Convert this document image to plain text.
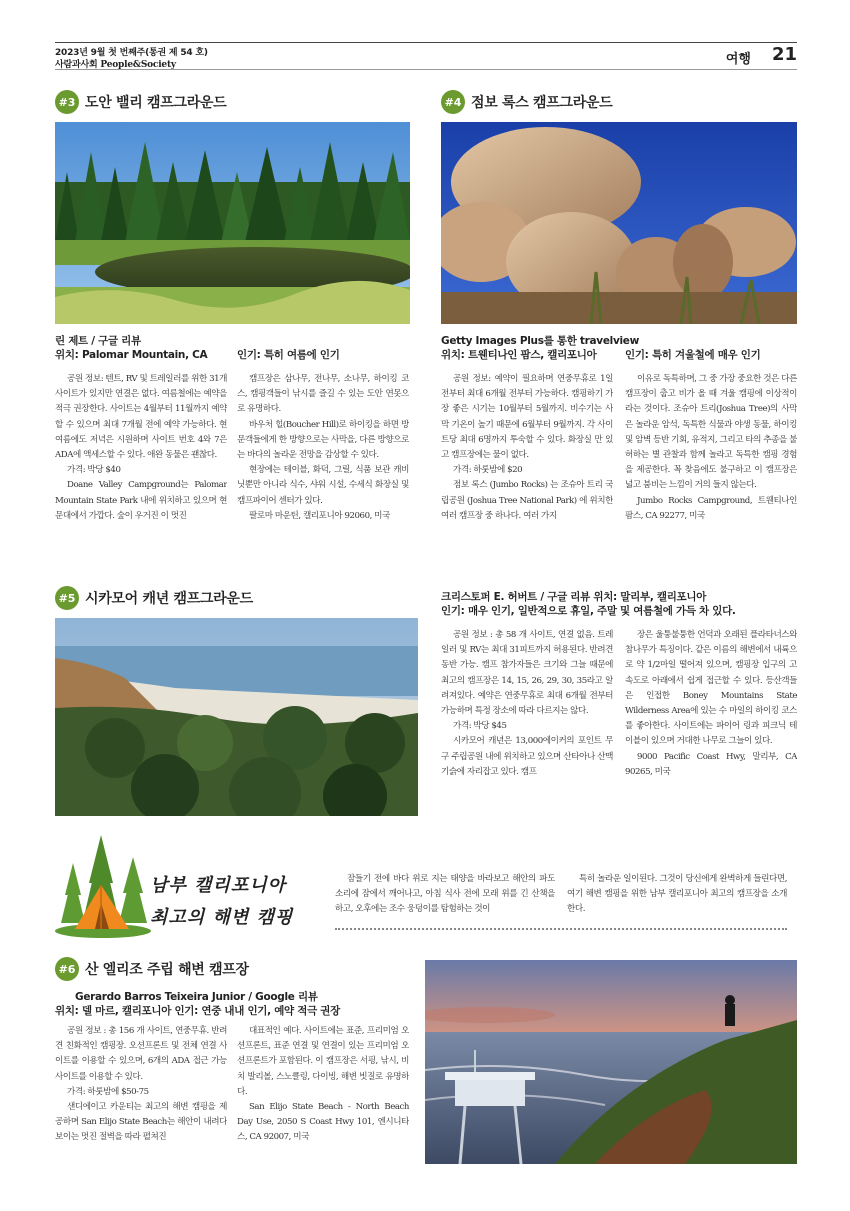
2023년 9월 첫 번째주(통권 제 54 호)
사람과사회 People&Society	여행 21
#3 도안 밸리 캠프그라운드
린 제트 / 구글 리뷰
위치: Palomar Mountain, CA	인기: 특히 여름에 인기

공원 정보: 텐트, RV 및 트레일러를 위한 31개 사이트가 있지만 연결은 없다. 여름철에는 예약을 적극 권장한다. 사이트는 4월부터 11월까지 예약할 수 있으며 최대 7개월 전에 예약 가능하다. 현여름에도 저녁은 시원하며 사이트 번호 4와 7은 ADA에 액세스할 수 있다. 애완 동물은 괜찮다.

가격: 박당 $40

Doane Valley Campground는 Palomar Mountain State Park 내에 위치하고 있으며 현문대에서 가깝다. 숲이 우거진 이 멋진

캠프장은 삼나무, 전나무, 소나무, 하이킹 코스, 캠핑객들이 낚시를 즐길 수 있는 도안 연못으로 유명하다.

바우처 힐(Boucher Hill)로 하이킹을 하면 방문객들에게 한 방향으로는 사막을, 다른 방향으로는 바다의 놀라운 전망을 감상할 수 있다.

현장에는 테이블, 화덕, 그릴, 식품 보관 캐비닛뿐만 아니라 식수, 샤워 시설, 수세식 화장실 및 캠프파이어 센터가 있다.

팔로마 마운틴, 캘리포니아 92060, 미국

#4 점보 록스 캠프그라운드
Getty Images Plus를 통한 travelview
위치: 트웬티나인 팜스, 캘리포니아	인기: 특히 겨울철에 매우 인기

공원 정보: 예약이 필요하며 연중무휴로 1일 전부터 최대 6개월 전부터 가능하다. 캠핑하기 가장 좋은 시기는 10월부터 5월까지. 비수기는 사막 기온이 높기 때문에 6월부터 9월까지. 각 사이트당 최대 6명까지 투숙할 수 있다. 화장실 만 있고 캠프장에는 물이 없다.

가격: 하룻밤에 $20

점보 록스 (Jumbo Rocks) 는 조슈아 트리 국립공원 (Joshua Tree National Park) 에 위치한 여러 캠프장 중 하나다. 여러 가지

이유로 독특하며, 그 중 가장 중요한 것은 다른 캠프장이 춥고 비가 올 때 겨울 캠핑에 이상적이라는 것이다. 조슈아 트리(Joshua Tree)의 사막은 놀라운 암석, 독특한 식물과 야생 동물, 하이킹 및 암벽 등반 기회, 유적지, 그리고 타의 추종을 불허하는 별 관찰과 함께 놀라고 독특한 캠핑 경험을 제공한다. 꼭 찾음에도 불구하고 이 캠프장은 넓고 붐비는 느낌이 거의 들지 않는다.

Jumbo Rocks Campground, 트웬티나인 팜스, CA 92277, 미국

#5 시카모어 캐년 캠프그라운드	크리스토퍼 E. 허버트 / 구글 리뷰 위치: 말리부, 캘리포니아
인기: 매우 인기, 일반적으로 휴일, 주말 및 여름철에 가득 차 있다.

공원 정보 : 총 58 개 사이트, 연결 없음. 트레일러 및 RV는 최대 31피트까지 허용된다. 반려견 동반 가능. 캠프 참가자들은 크기와 그늘 때문에 최고의 캠프장은 14, 15, 26, 29, 30, 35라고 알려져있다. 예약은 연중무휴로 최대 6개월 전부터 가능하며 특정 장소에 따라 다르지는 않다.

가격: 박당 $45

시카모어 캐년은 13,000에이커의 포인트 무구 주립공원 내에 위치하고 있으며 산타아나 산맥 기슭에 자리잡고 있다. 캠프

장은 울퉁불퉁한 언덕과 오래된 플라타너스와 참나무가 특징이다. 같은 이름의 해변에서 내륙으로 약 1/2마일 떨어져 있으며, 캠핑장 입구의 고속도로 아래에서 쉽게 접근할 수 있다. 등산객들은 인접한 Boney Mountains State Wilderness Area에 있는 수 마일의 하이킹 코스를 좋아한다. 사이트에는 파이어 링과 피크닉 테이블이 있으며 거대한 나무로 그늘이 있다.

9000 Pacific Coast Hwy, 말리부, CA 90265, 미국

남부 캘리포니아
최고의 해변 캠핑

잠들기 전에 바다 위로 지는 태양을 바라보고 해안의 파도 소리에 잠에서 깨어나고, 아침 식사 전에 모래 위를 긴 산책을 하고, 오후에는 조수 웅덩이를 탐험하는 것이

특히 놀라운 일이된다. 그것이 당신에게 완벽하게 들린다면, 여기 해변 캠핑을 위한 남부 캘리포니아 최고의 캠프장을 소개한다.

#6 산 엘리조 주립 해변 캠프장
Gerardo Barros Teixeira Junior / Google 리뷰
위치: 델 마르, 캘리포니아 인기: 연중 내내 인기, 예약 적극 권장

공원 정보 : 총 156 개 사이트, 연중무휴. 반려견 친화적인 캠핑장. 오션프론트 및 전체 연결 사이트를 이용할 수 있으며, 6개의 ADA 접근 가능 사이트를 이용할 수 있다.

가격: 하룻밤에 $50-75

샌디에이고 카운티는 최고의 해변 캠핑을 제공하며 San Elijo State Beach는 해안이 내려다보이는 멋진 절벽을 따라 펼쳐진

대표적인 예다. 사이트에는 표준, 프리미엄 오션프론트, 표준 연결 및 연결이 있는 프리미엄 오션프론트가 포함된다. 이 캠프장은 서핑, 낚시, 비치 발리볼, 스노클링, 다이빙, 해변 빗질로 유명하다.

San Elijo State Beach - North Beach Day Use, 2050 S Coast Hwy 101, 엔시니타스, CA 92007, 미국
